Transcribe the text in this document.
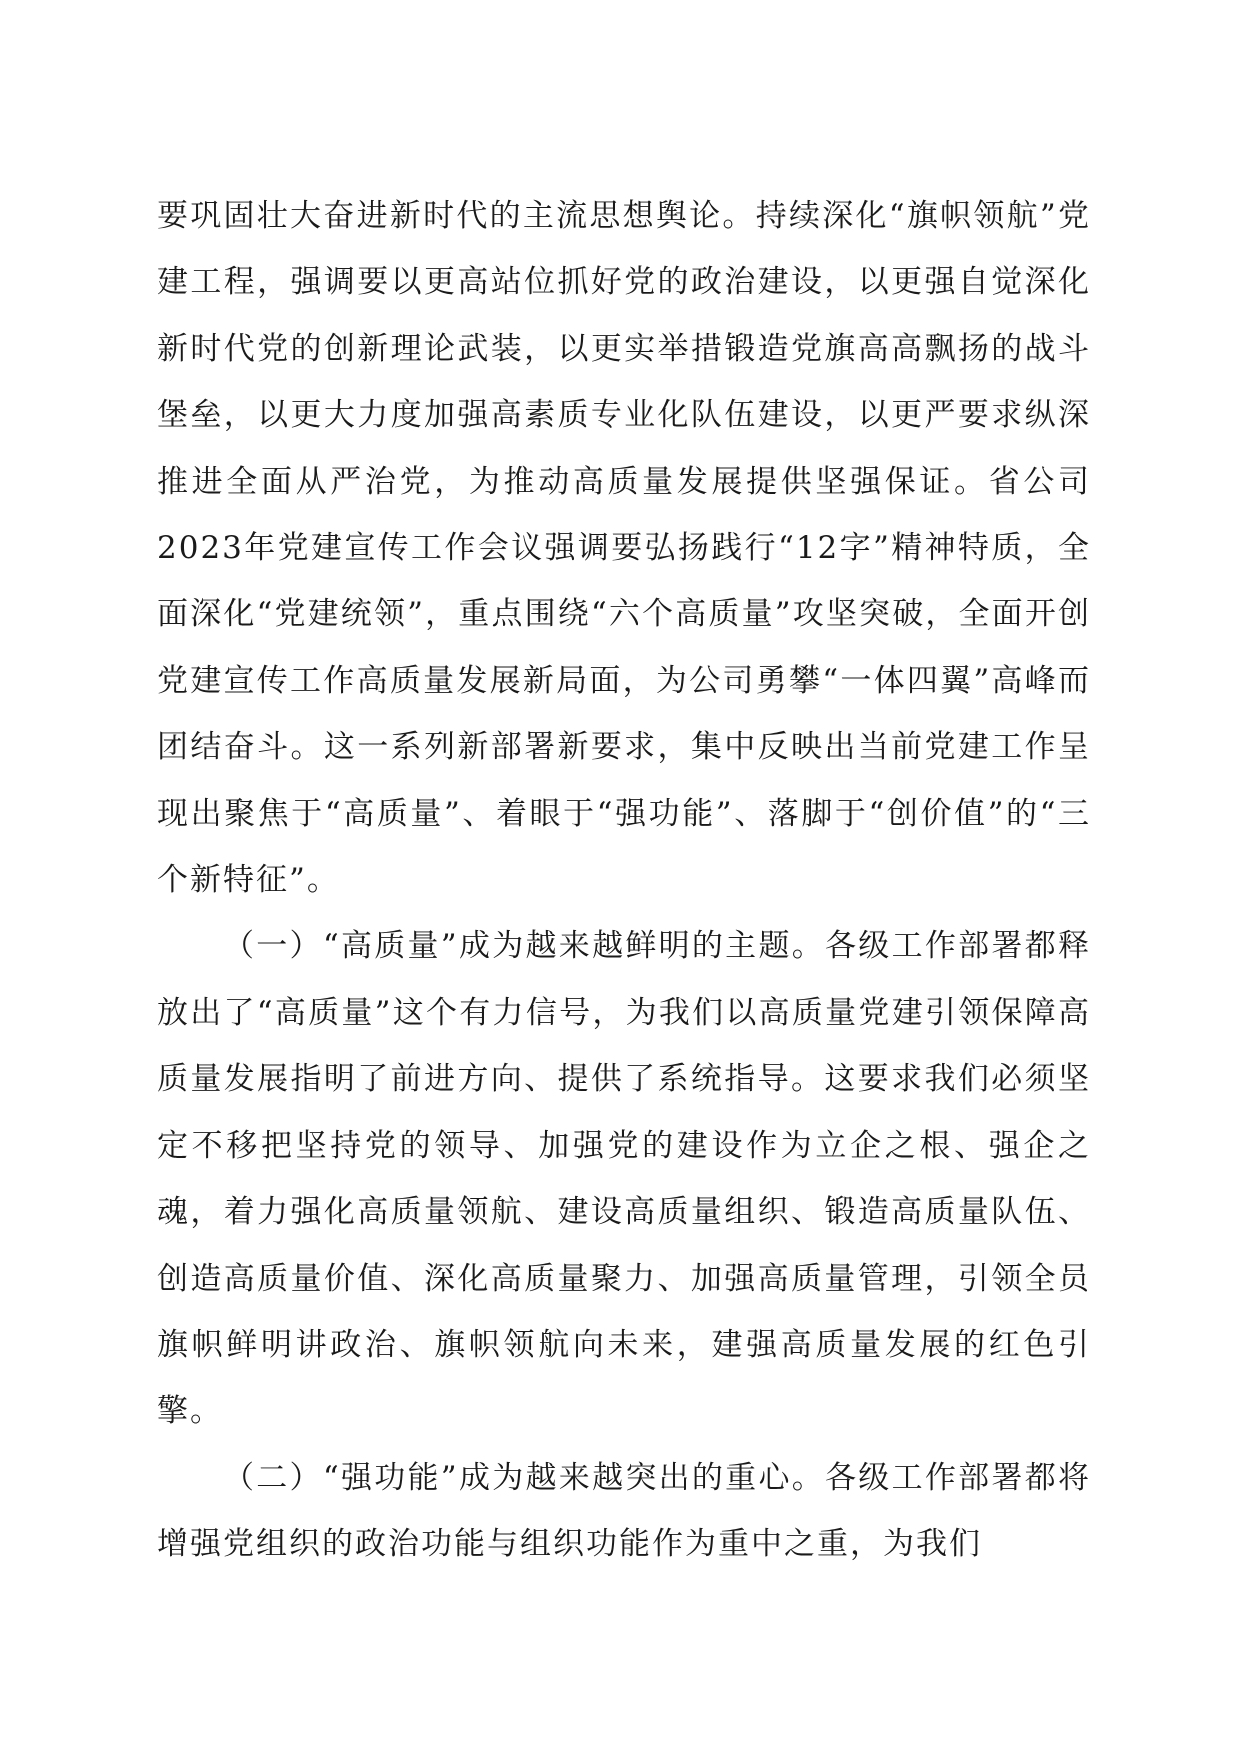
要巩固壮大奋进新时代的主流思想舆论。持续深化“旗帜领航”党建工程，强调要以更高站位抓好党的政治建设，以更强自觉深化新时代党的创新理论武装，以更实举措锻造党旗高高飘扬的战斗堡垒，以更大力度加强高素质专业化队伍建设，以更严要求纵深推进全面从严治党，为推动高质量发展提供坚强保证。省公司2023年党建宣传工作会议强调要弘扬践行“12字”精神特质，全面深化“党建统领”，重点围绕“六个高质量”攻坚突破，全面开创党建宣传工作高质量发展新局面，为公司勇攀“一体四翼”高峰而团结奋斗。这一系列新部署新要求，集中反映出当前党建工作呈现出聚焦于“高质量”、着眼于“强功能”、落脚于“创价值”的“三个新特征”。

（一）“高质量”成为越来越鲜明的主题。各级工作部署都释放出了“高质量”这个有力信号，为我们以高质量党建引领保障高质量发展指明了前进方向、提供了系统指导。这要求我们必须坚定不移把坚持党的领导、加强党的建设作为立企之根、强企之魂，着力强化高质量领航、建设高质量组织、锻造高质量队伍、创造高质量价值、深化高质量聚力、加强高质量管理，引领全员旗帜鲜明讲政治、旗帜领航向未来，建强高质量发展的红色引擎。

（二）“强功能”成为越来越突出的重心。各级工作部署都将增强党组织的政治功能与组织功能作为重中之重，为我们
